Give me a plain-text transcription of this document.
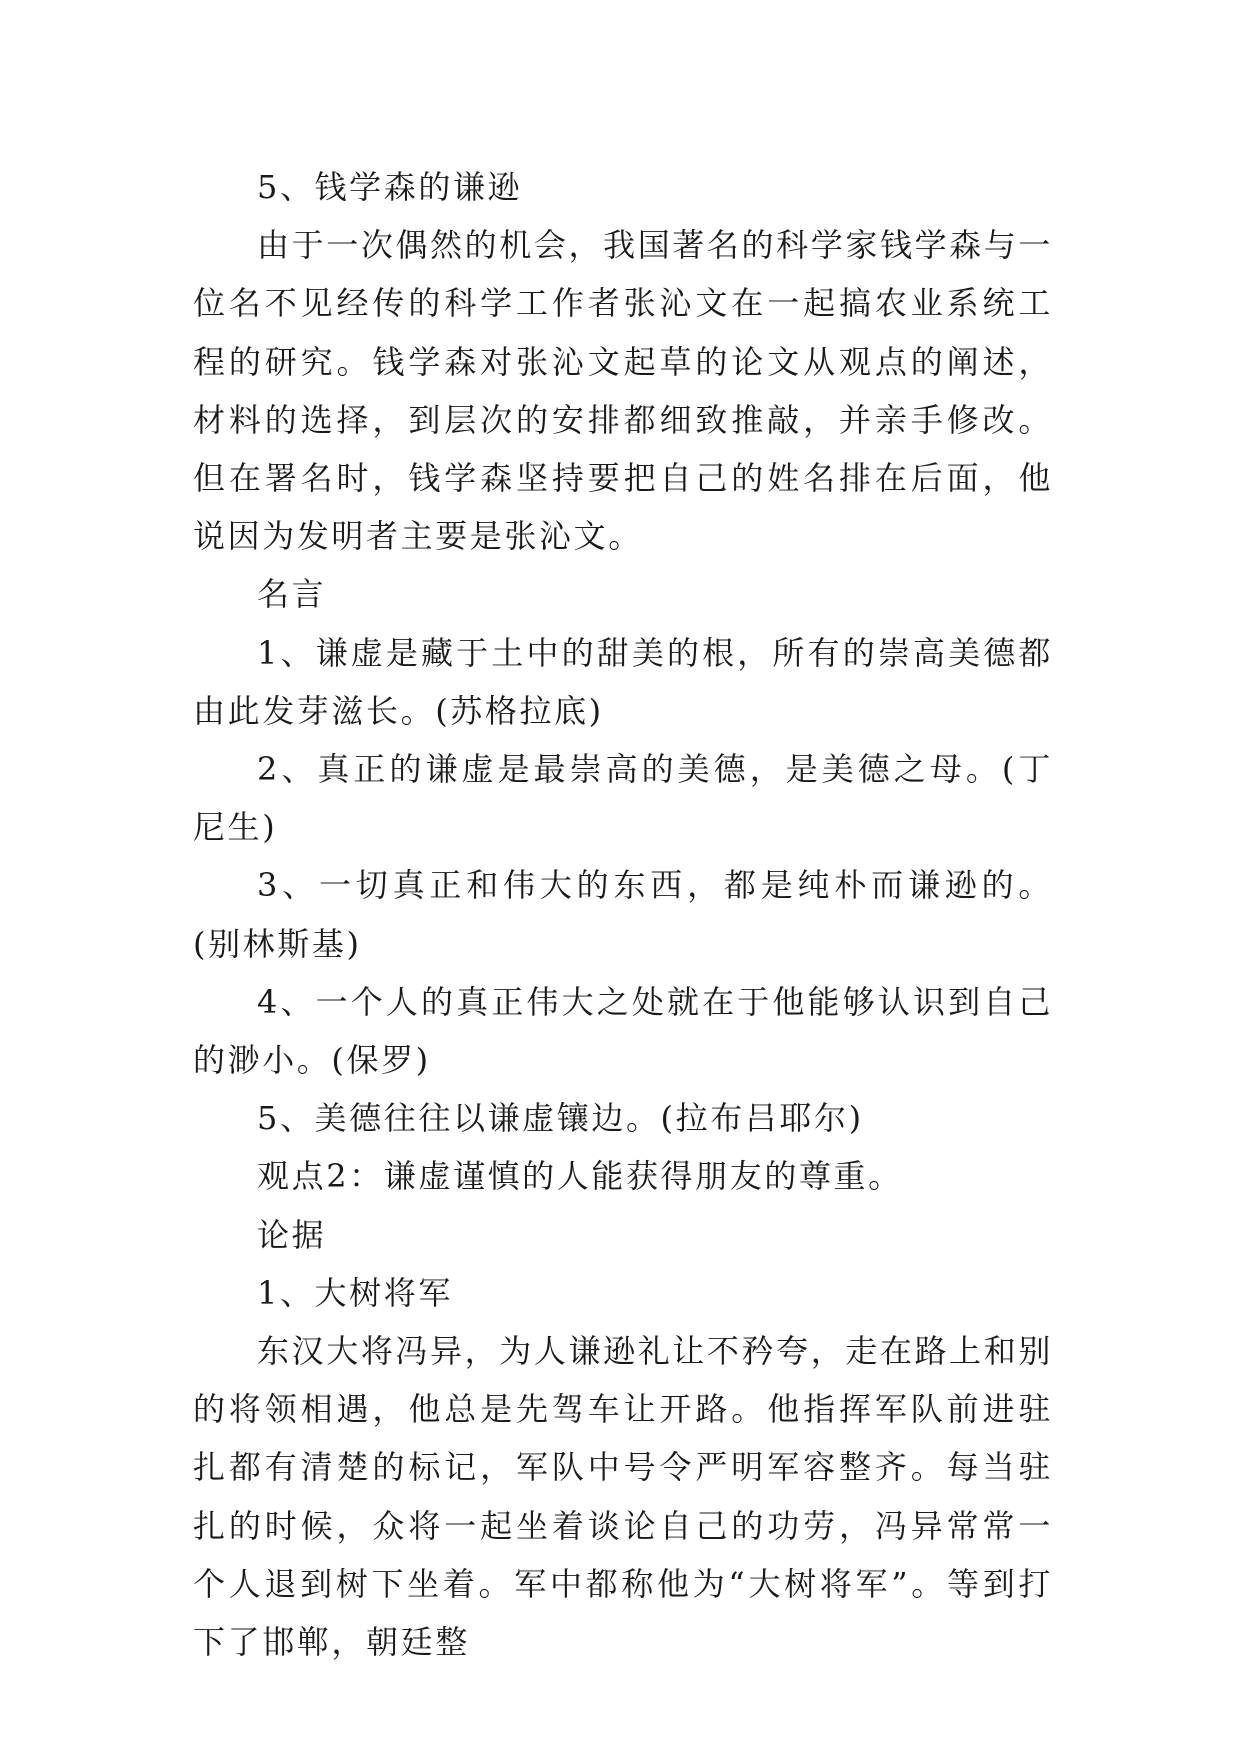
5、钱学森的谦逊

由于一次偶然的机会，我国著名的科学家钱学森与一位名不见经传的科学工作者张沁文在一起搞农业系统工程的研究。钱学森对张沁文起草的论文从观点的阐述，材料的选择，到层次的安排都细致推敲，并亲手修改。但在署名时，钱学森坚持要把自己的姓名排在后面，他说因为发明者主要是张沁文。

名言

1、谦虚是藏于土中的甜美的根，所有的崇高美德都由此发芽滋长。(苏格拉底)

2、真正的谦虚是最崇高的美德，是美德之母。(丁尼生)

3、一切真正和伟大的东西，都是纯朴而谦逊的。(别林斯基)

4、一个人的真正伟大之处就在于他能够认识到自己的渺小。(保罗)

5、美德往往以谦虚镶边。(拉布吕耶尔)

观点2：谦虚谨慎的人能获得朋友的尊重。

论据

1、大树将军

东汉大将冯异，为人谦逊礼让不矜夸，走在路上和别的将领相遇，他总是先驾车让开路。他指挥军队前进驻扎都有清楚的标记，军队中号令严明军容整齐。每当驻扎的时候，众将一起坐着谈论自己的功劳，冯异常常一个人退到树下坐着。军中都称他为“大树将军”。等到打下了邯郸，朝廷整
